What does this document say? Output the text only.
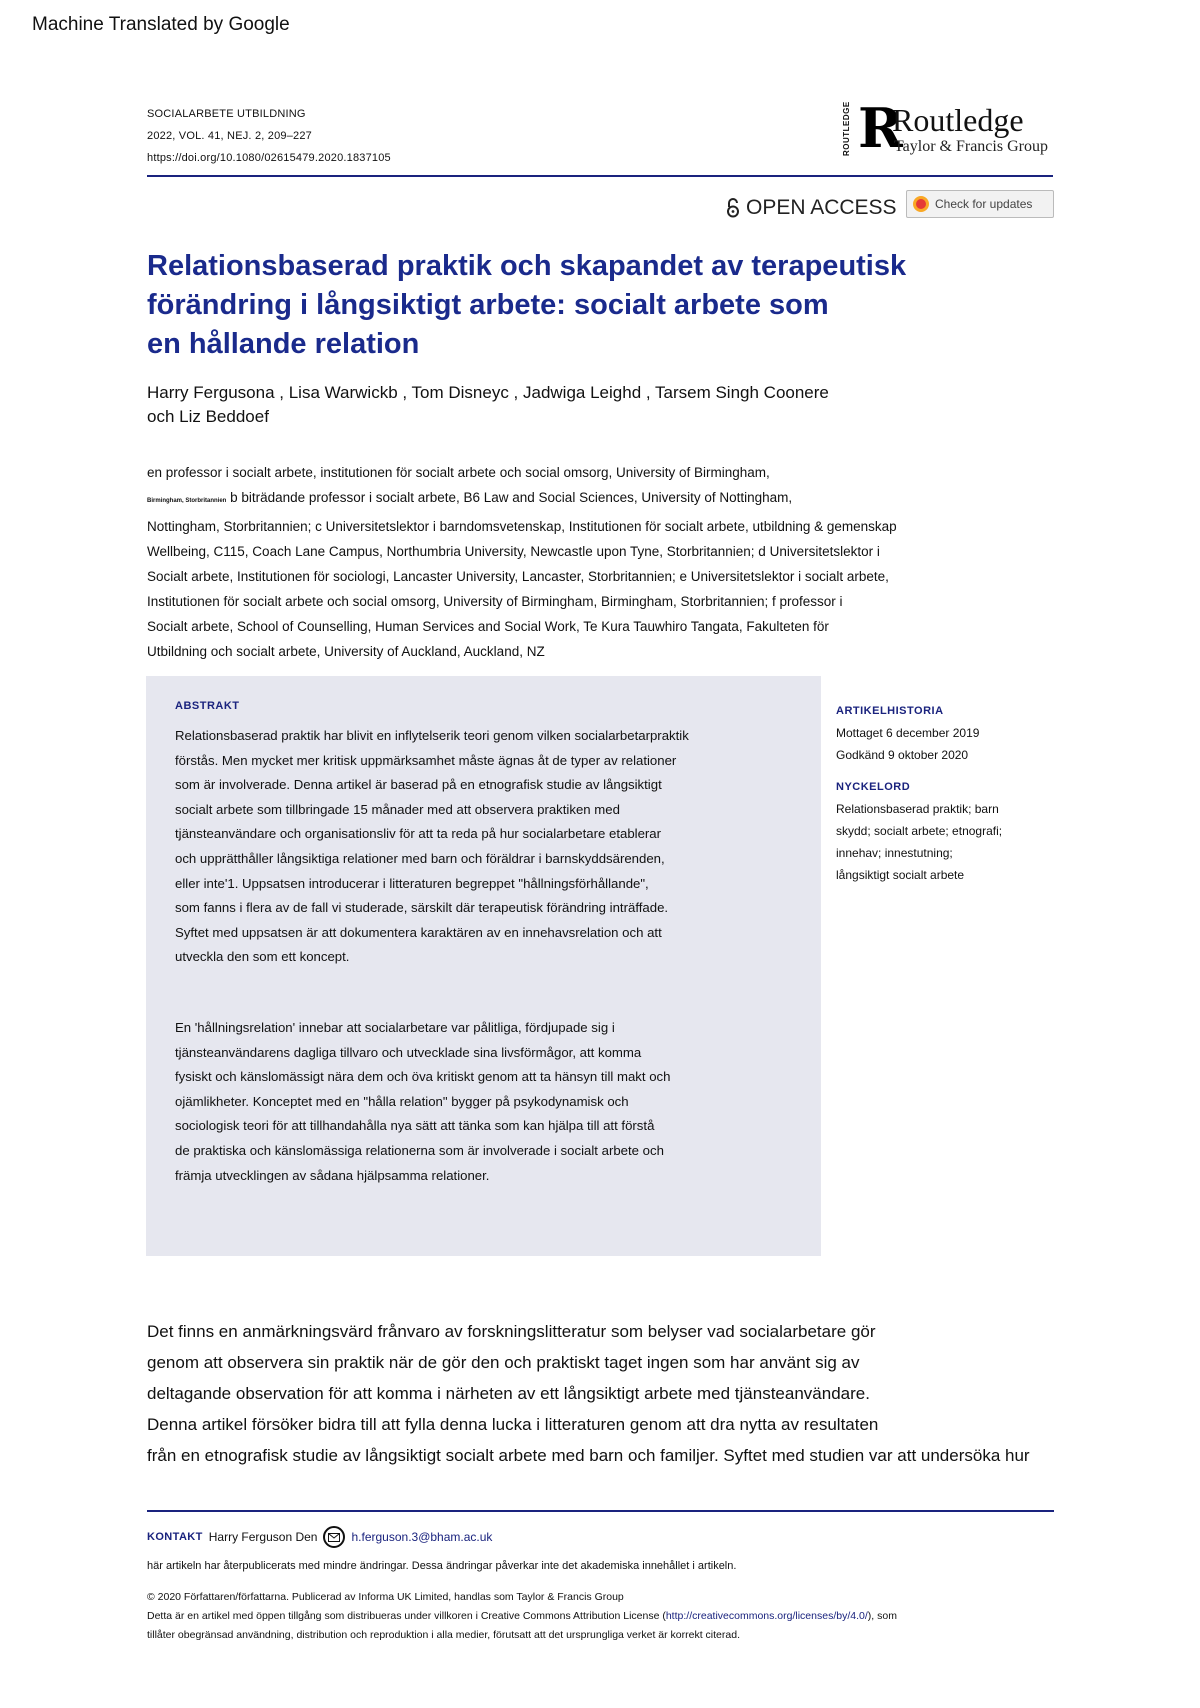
Machine Translated by Google
SOCIALARBETE UTBILDNING
2022, VOL. 41, NEJ. 2, 209–227
https://doi.org/10.1080/02615479.2020.1837105
ROUTLEDGE R
Routledge
Taylor & Francis Group
OPEN ACCESS	Check for updates
Relationsbaserad praktik och skapandet av terapeutisk
förändring i långsiktigt arbete: socialt arbete som
en hållande relation
Harry Fergusona , Lisa Warwickb , Tom Disneyc , Jadwiga Leighd , Tarsem Singh Coonere
och Liz Beddoef
en professor i socialt arbete, institutionen för socialt arbete och social omsorg, University of Birmingham,
Birmingham, Storbritannien b biträdande professor i socialt arbete, B6 Law and Social Sciences, University of Nottingham,
Nottingham, Storbritannien; c Universitetslektor i barndomsvetenskap, Institutionen för socialt arbete, utbildning & gemenskap
Wellbeing, C115, Coach Lane Campus, Northumbria University, Newcastle upon Tyne, Storbritannien; d Universitetslektor i
Socialt arbete, Institutionen för sociologi, Lancaster University, Lancaster, Storbritannien; e Universitetslektor i socialt arbete,
Institutionen för socialt arbete och social omsorg, University of Birmingham, Birmingham, Storbritannien; f professor i
Socialt arbete, School of Counselling, Human Services and Social Work, Te Kura Tauwhiro Tangata, Fakulteten för
Utbildning och socialt arbete, University of Auckland, Auckland, NZ
ABSTRAKT
Relationsbaserad praktik har blivit en inflytelserik teori genom vilken socialarbetarpraktik
förstås. Men mycket mer kritisk uppmärksamhet måste ägnas åt de typer av relationer
som är involverade. Denna artikel är baserad på en etnografisk studie av långsiktigt
socialt arbete som tillbringade 15 månader med att observera praktiken med
tjänsteanvändare och organisationsliv för att ta reda på hur socialarbetare etablerar
och upprätthåller långsiktiga relationer med barn och föräldrar i barnskyddsärenden,
eller inte'1. Uppsatsen introducerar i litteraturen begreppet "hållningsförhållande",
som fanns i flera av de fall vi studerade, särskilt där terapeutisk förändring inträffade.
Syftet med uppsatsen är att dokumentera karaktären av en innehavsrelation och att
utveckla den som ett koncept.
En 'hållningsrelation' innebar att socialarbetare var pålitliga, fördjupade sig i
tjänsteanvändarens dagliga tillvaro och utvecklade sina livsförmågor, att komma
fysiskt och känslomässigt nära dem och öva kritiskt genom att ta hänsyn till makt och
ojämlikheter. Konceptet med en "hålla relation" bygger på psykodynamisk och
sociologisk teori för att tillhandahålla nya sätt att tänka som kan hjälpa till att förstå
de praktiska och känslomässiga relationerna som är involverade i socialt arbete och
främja utvecklingen av sådana hjälpsamma relationer.
ARTIKELHISTORIA
Mottaget 6 december 2019
Godkänd 9 oktober 2020
NYCKELORD
Relationsbaserad praktik; barn
skydd; socialt arbete; etnografi;
innehav; innestutning;
långsiktigt socialt arbete
Det finns en anmärkningsvärd frånvaro av forskningslitteratur som belyser vad socialarbetare gör
genom att observera sin praktik när de gör den och praktiskt taget ingen som har använt sig av
deltagande observation för att komma i närheten av ett långsiktigt arbete med tjänsteanvändare.
Denna artikel försöker bidra till att fylla denna lucka i litteraturen genom att dra nytta av resultaten
från en etnografisk studie av långsiktigt socialt arbete med barn och familjer. Syftet med studien var att undersöka hur
KONTAKT Harry Ferguson Den	h.ferguson.3@bham.ac.uk
här artikeln har återpublicerats med mindre ändringar. Dessa ändringar påverkar inte det akademiska innehållet i artikeln.
© 2020 Författaren/författarna. Publicerad av Informa UK Limited, handlas som Taylor & Francis Group
Detta är en artikel med öppen tillgång som distribueras under villkoren i Creative Commons Attribution License (http://creativecommons.org/licenses/by/4.0/), som
tillåter obegränsad användning, distribution och reproduktion i alla medier, förutsatt att det ursprungliga verket är korrekt citerad.
